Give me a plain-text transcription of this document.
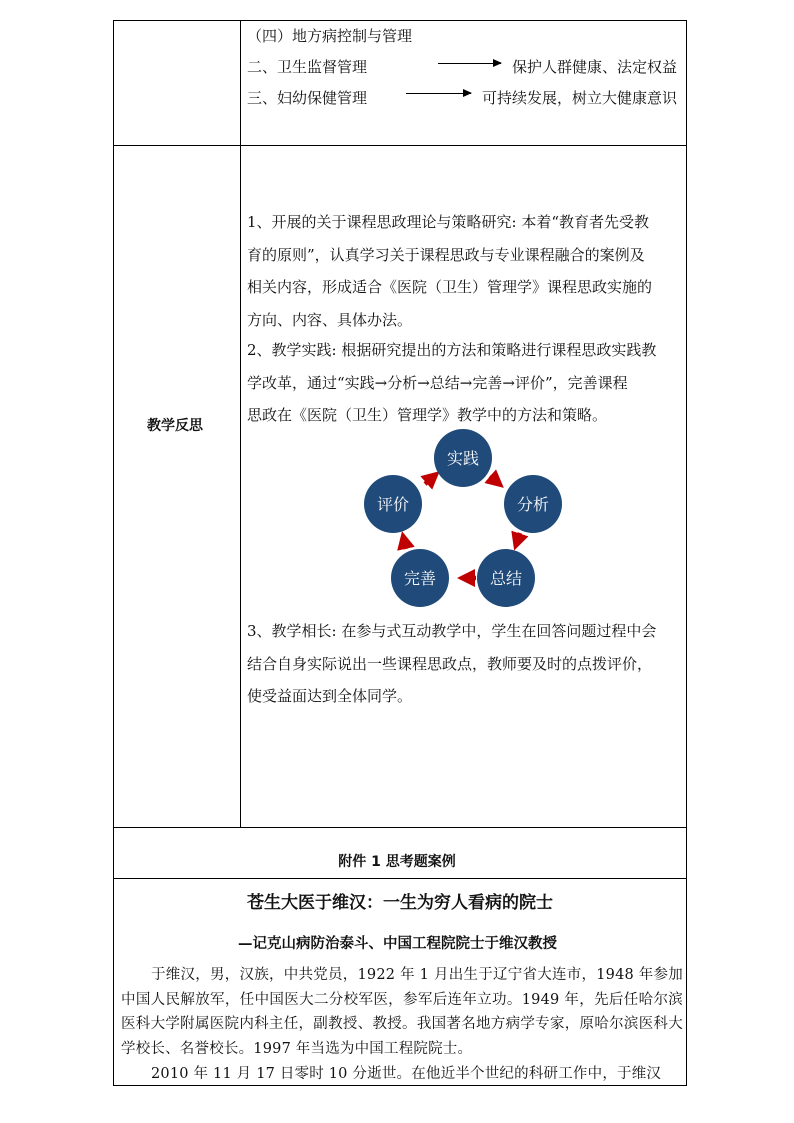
（四）地方病控制与管理
二、卫生监督管理	保护人群健康、法定权益
三、妇幼保健管理	可持续发展，树立大健康意识
教学反思
1、开展的关于课程思政理论与策略研究: 本着“教育者先受教
育的原则”，认真学习关于课程思政与专业课程融合的案例及
相关内容，形成适合《医院（卫生）管理学》课程思政实施的
方向、内容、具体办法。
2、教学实践: 根据研究提出的方法和策略进行课程思政实践教
学改革，通过“实践→分析→总结→完善→评价”，完善课程
思政在《医院（卫生）管理学》教学中的方法和策略。
实践
分析
总结
完善
评价
3、教学相长: 在参与式互动教学中，学生在回答问题过程中会
结合自身实际说出一些课程思政点，教师要及时的点拨评价，
使受益面达到全体同学。
附件 1 思考题案例
苍生大医于维汉：一生为穷人看病的院士
—记克山病防治泰斗、中国工程院院士于维汉教授
于维汉，男，汉族，中共党员，1922 年 1 月出生于辽宁省大连市，1948 年参加中国人民解放军，任中国医大二分校军医，参军后连年立功。1949 年，先后任哈尔滨医科大学附属医院内科主任，副教授、教授。我国著名地方病学专家，原哈尔滨医科大学校长、名誉校长。1997 年当选为中国工程院院士。
2010 年 11 月 17 日零时 10 分逝世。在他近半个世纪的科研工作中，于维汉
